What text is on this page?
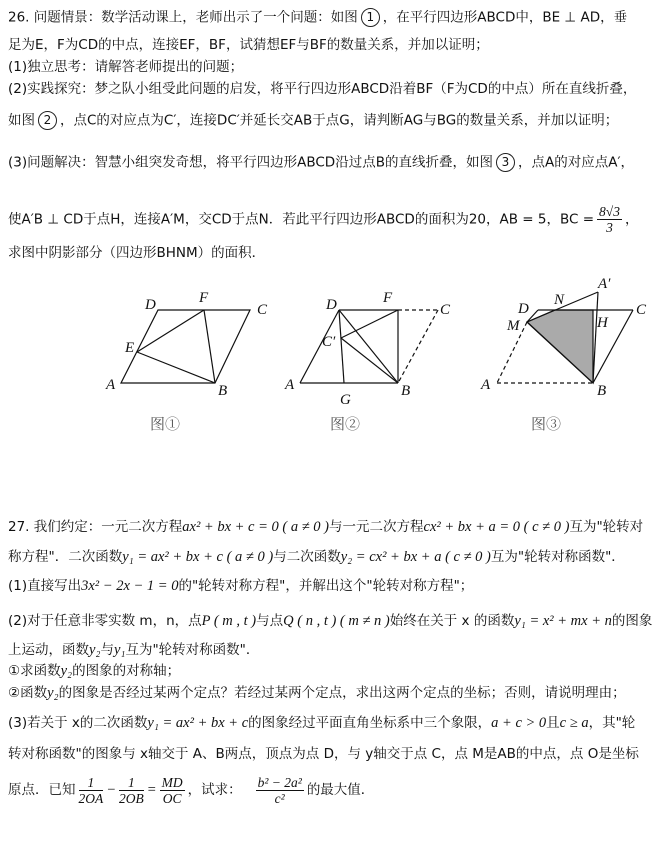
26. 问题情景：数学活动课上，老师出示了一个问题：如图 1 ，在平行四边形ABCD中，BE ⊥ AD，垂
足为E，F为CD的中点，连接EF，BF，试猜想EF与BF的数量关系，并加以证明；
(1)独立思考：请解答老师提出的问题；
(2)实践探究：梦之队小组受此问题的启发，将平行四边形ABCD沿着BF（F为CD的中点）所在直线折叠，
如图 2 ，点C的对应点为C′，连接DC′并延长交AB于点G，请判断AG与BG的数量关系，并加以证明；
(3)问题解决：智慧小组突发奇想，将平行四边形ABCD沿过点B的直线折叠，如图 3 ，点A的对应点A′，
使A′B ⊥ CD于点H，连接A′M，交CD于点N．若此平行四边形ABCD的面积为20，AB = 5，BC = $\frac{8√3}{3}$ ，
求图中阴影部分（四边形BHNM）的面积．
D	F
C
E
A	B
图①
D	F
C
C′
A
G
B
图②
D
N
A′
C
M	H
A	B
图③
27. 我们约定：一元二次方程ax² + bx + c = 0 ( a ≠ 0 )与一元二次方程cx² + bx + a = 0 ( c ≠ 0 )互为"轮转对
称方程"．二次函数y₁ = ax² + bx + c ( a ≠ 0 )与二次函数y₂ = cx² + bx + a ( c ≠ 0 )互为"轮转对称函数"．
(1)直接写出3x² − 2x − 1 = 0的"轮转对称方程"，并解出这个"轮转对称方程"；
(2)对于任意非零实数 m，n，点P ( m , t )与点Q ( n , t ) ( m ≠ n )始终在关于 x 的函数y₁ = x² + mx + n的图象
上运动，函数y₂与y₁互为"轮转对称函数"．
①求函数y₂的图象的对称轴；
②函数y₂的图象是否经过某两个定点？若经过某两个定点，求出这两个定点的坐标；否则，请说明理由；
(3)若关于 x的二次函数y₁ = ax² + bx + c的图象经过平面直角坐标系中三个象限，a + c > 0且c ≥ a，其"轮
转对称函数"的图象与 x轴交于 A、B两点，顶点为点 D，与 y轴交于点 C，点 M是AB的中点，点 O是坐标
原点．已知 $\frac{1}{2OA} - \frac{1}{2OB} = \frac{MD}{OC}$ ，试求： $\frac{\text{b² − 2a²}}{\text{c²}}$ 的最大值．
